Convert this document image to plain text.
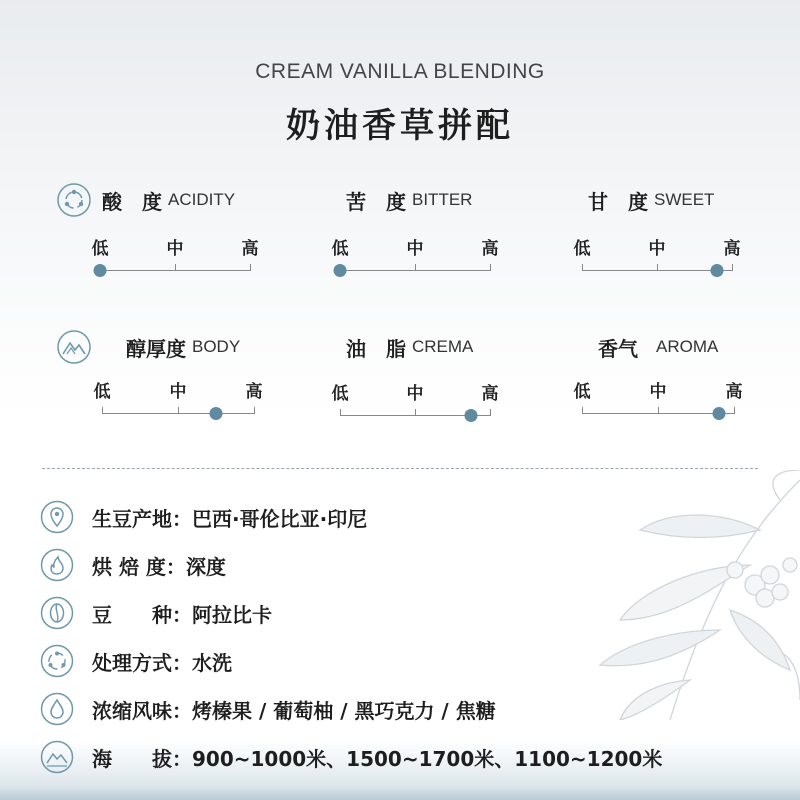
CREAM VANILLA BLENDING
奶油香草拼配
酸　度 ACIDITY
低	中	高
苦　度 BITTER
低	中	高
甘　度 SWEET
低	中	高
醇厚度 BODY
低	中	高
油　脂 CREMA
低	中	高
香气 AROMA
低	中	高
生豆产地： 巴西·哥伦比亚·印尼
烘 焙 度： 深度
豆　　种： 阿拉比卡
处理方式： 水洗
浓缩风味： 烤榛果 / 葡萄柚 / 黑巧克力 / 焦糖
海　　拔： 900~1000米、1500~1700米、1100~1200米
